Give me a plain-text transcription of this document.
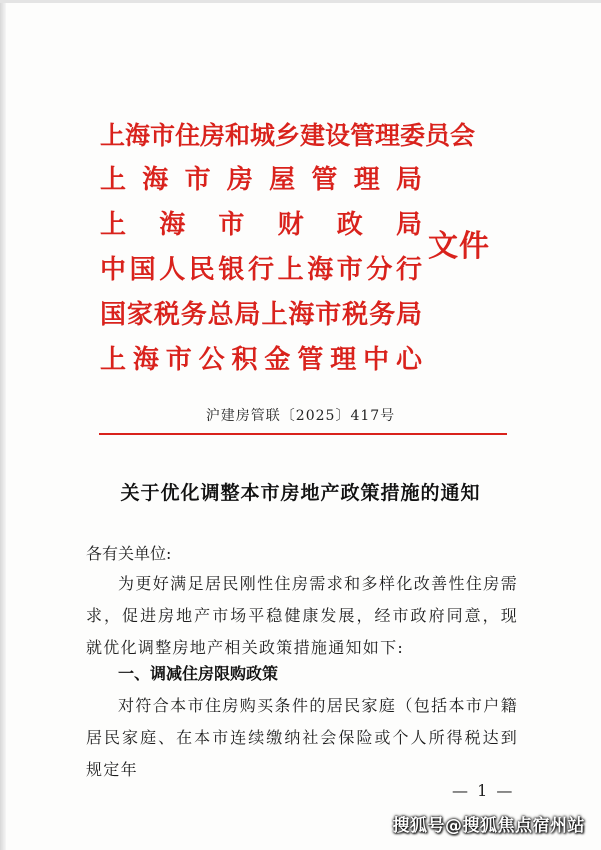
上海市住房和城乡建设管理委员会
上海市房屋管理局
上海市财政局
中国人民银行上海市分行
国家税务总局上海市税务局
上海市公积金管理中心
文件
沪建房管联〔2025〕417号
关于优化调整本市房地产政策措施的通知
各有关单位:
为更好满足居民刚性住房需求和多样化改善性住房需求，促进房地产市场平稳健康发展，经市政府同意，现就优化调整房地产相关政策措施通知如下:
一、调减住房限购政策
对符合本市住房购买条件的居民家庭（包括本市户籍居民家庭、在本市连续缴纳社会保险或个人所得税达到规定年
— 1 —
搜狐号@搜狐焦点宿州站
